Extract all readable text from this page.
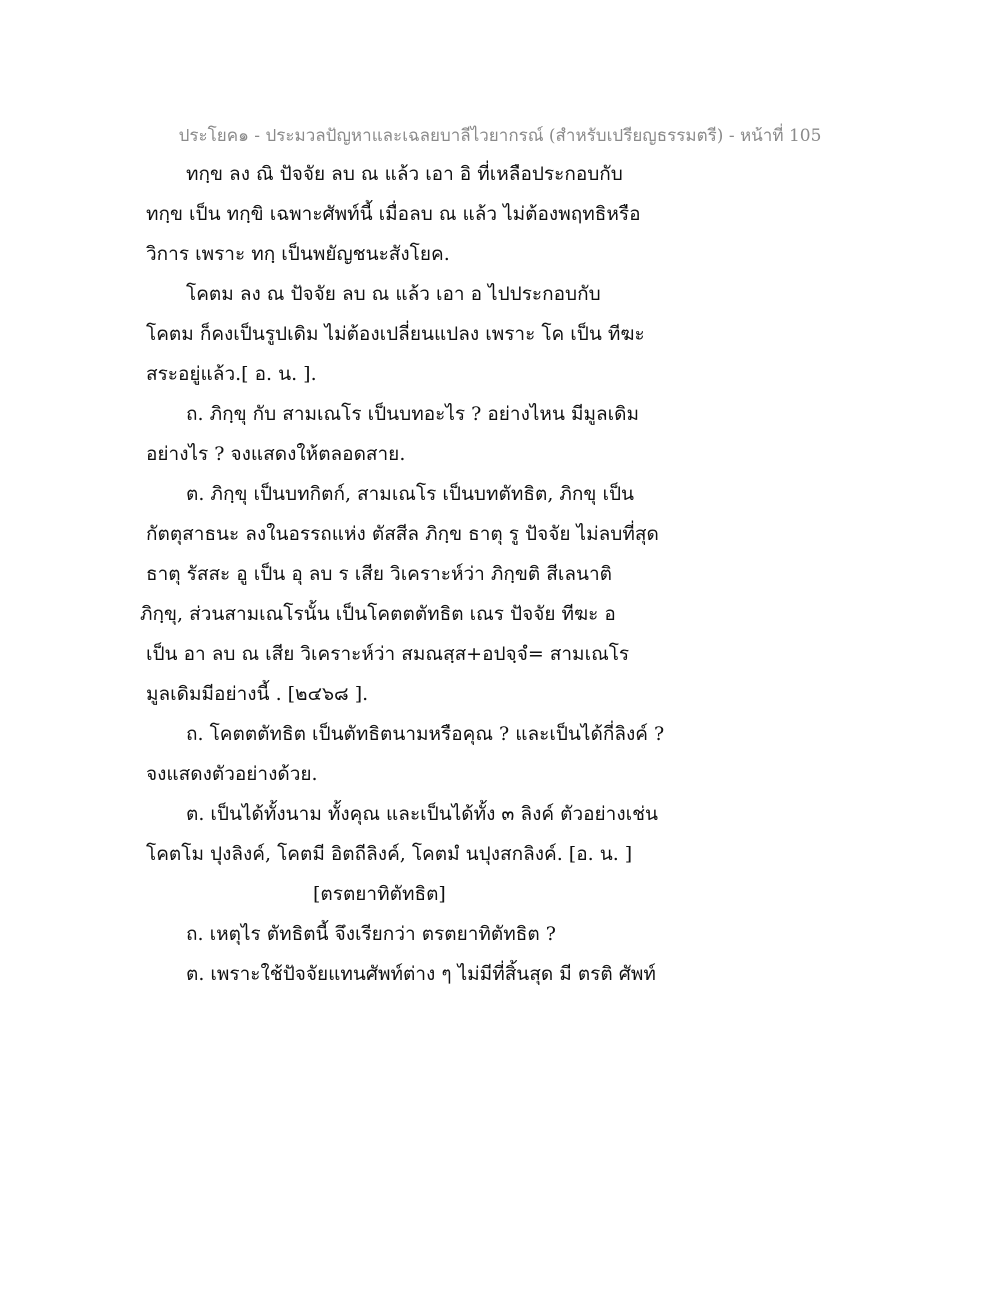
ประโยค๑ - ประมวลปัญหาและเฉลยบาลีไวยากรณ์ (สำหรับเปรียญธรรมตรี) - หน้าที่ 105
ทกฺข ลง ณิ ปัจจัย ลบ ณ แล้ว เอา อิ ที่เหลือประกอบกับ
ทกฺข เป็น ทกฺขิ เฉพาะศัพท์นี้ เมื่อลบ ณ แล้ว ไม่ต้องพฤทธิหรือ
วิการ เพราะ ทกฺ เป็นพยัญชนะสังโยค.
โคตม ลง ณ ปัจจัย ลบ ณ แล้ว เอา อ ไปประกอบกับ
โคตม ก็คงเป็นรูปเดิม ไม่ต้องเปลี่ยนแปลง เพราะ โค เป็น ทีฆะ
สระอยู่แล้ว.[ อ. น. ].
ถ. ภิกฺขุ กับ สามเณโร เป็นบทอะไร ? อย่างไหน มีมูลเดิม
อย่างไร ? จงแสดงให้ตลอดสาย.
ต. ภิกฺขุ เป็นบทกิตก์, สามเณโร เป็นบทตัทธิต, ภิกขุ เป็น
กัตตุสาธนะ ลงในอรรถแห่ง ตัสสีล ภิกฺข ธาตุ รู ปัจจัย ไม่ลบที่สุด
ธาตุ รัสสะ อู เป็น อุ ลบ ร เสีย วิเคราะห์ว่า ภิกฺขติ สีเลนาติ
ภิกฺขุ, ส่วนสามเณโรนั้น เป็นโคตตตัทธิต เณร ปัจจัย ทีฆะ อ
เป็น อา ลบ ณ เสีย วิเคราะห์ว่า สมณสฺส+อปจฺจํ= สามเณโร
มูลเดิมมีอย่างนี้ . [๒๔๖๘ ].
ถ. โคตตตัทธิต เป็นตัทธิตนามหรือคุณ ? และเป็นได้กี่ลิงค์ ?
จงแสดงตัวอย่างด้วย.
ต. เป็นได้ทั้งนาม ทั้งคุณ และเป็นได้ทั้ง ๓ ลิงค์ ตัวอย่างเช่น
โคตโม ปุงลิงค์, โคตมี อิตถีลิงค์, โคตมํ นปุงสกลิงค์. [อ. น. ]
[ตรตยาทิตัทธิต]
ถ. เหตุไร ตัทธิตนี้ จึงเรียกว่า ตรตยาทิตัทธิต ?
ต. เพราะใช้ปัจจัยแทนศัพท์ต่าง ๆ ไม่มีที่สิ้นสุด มี ตรติ ศัพท์
